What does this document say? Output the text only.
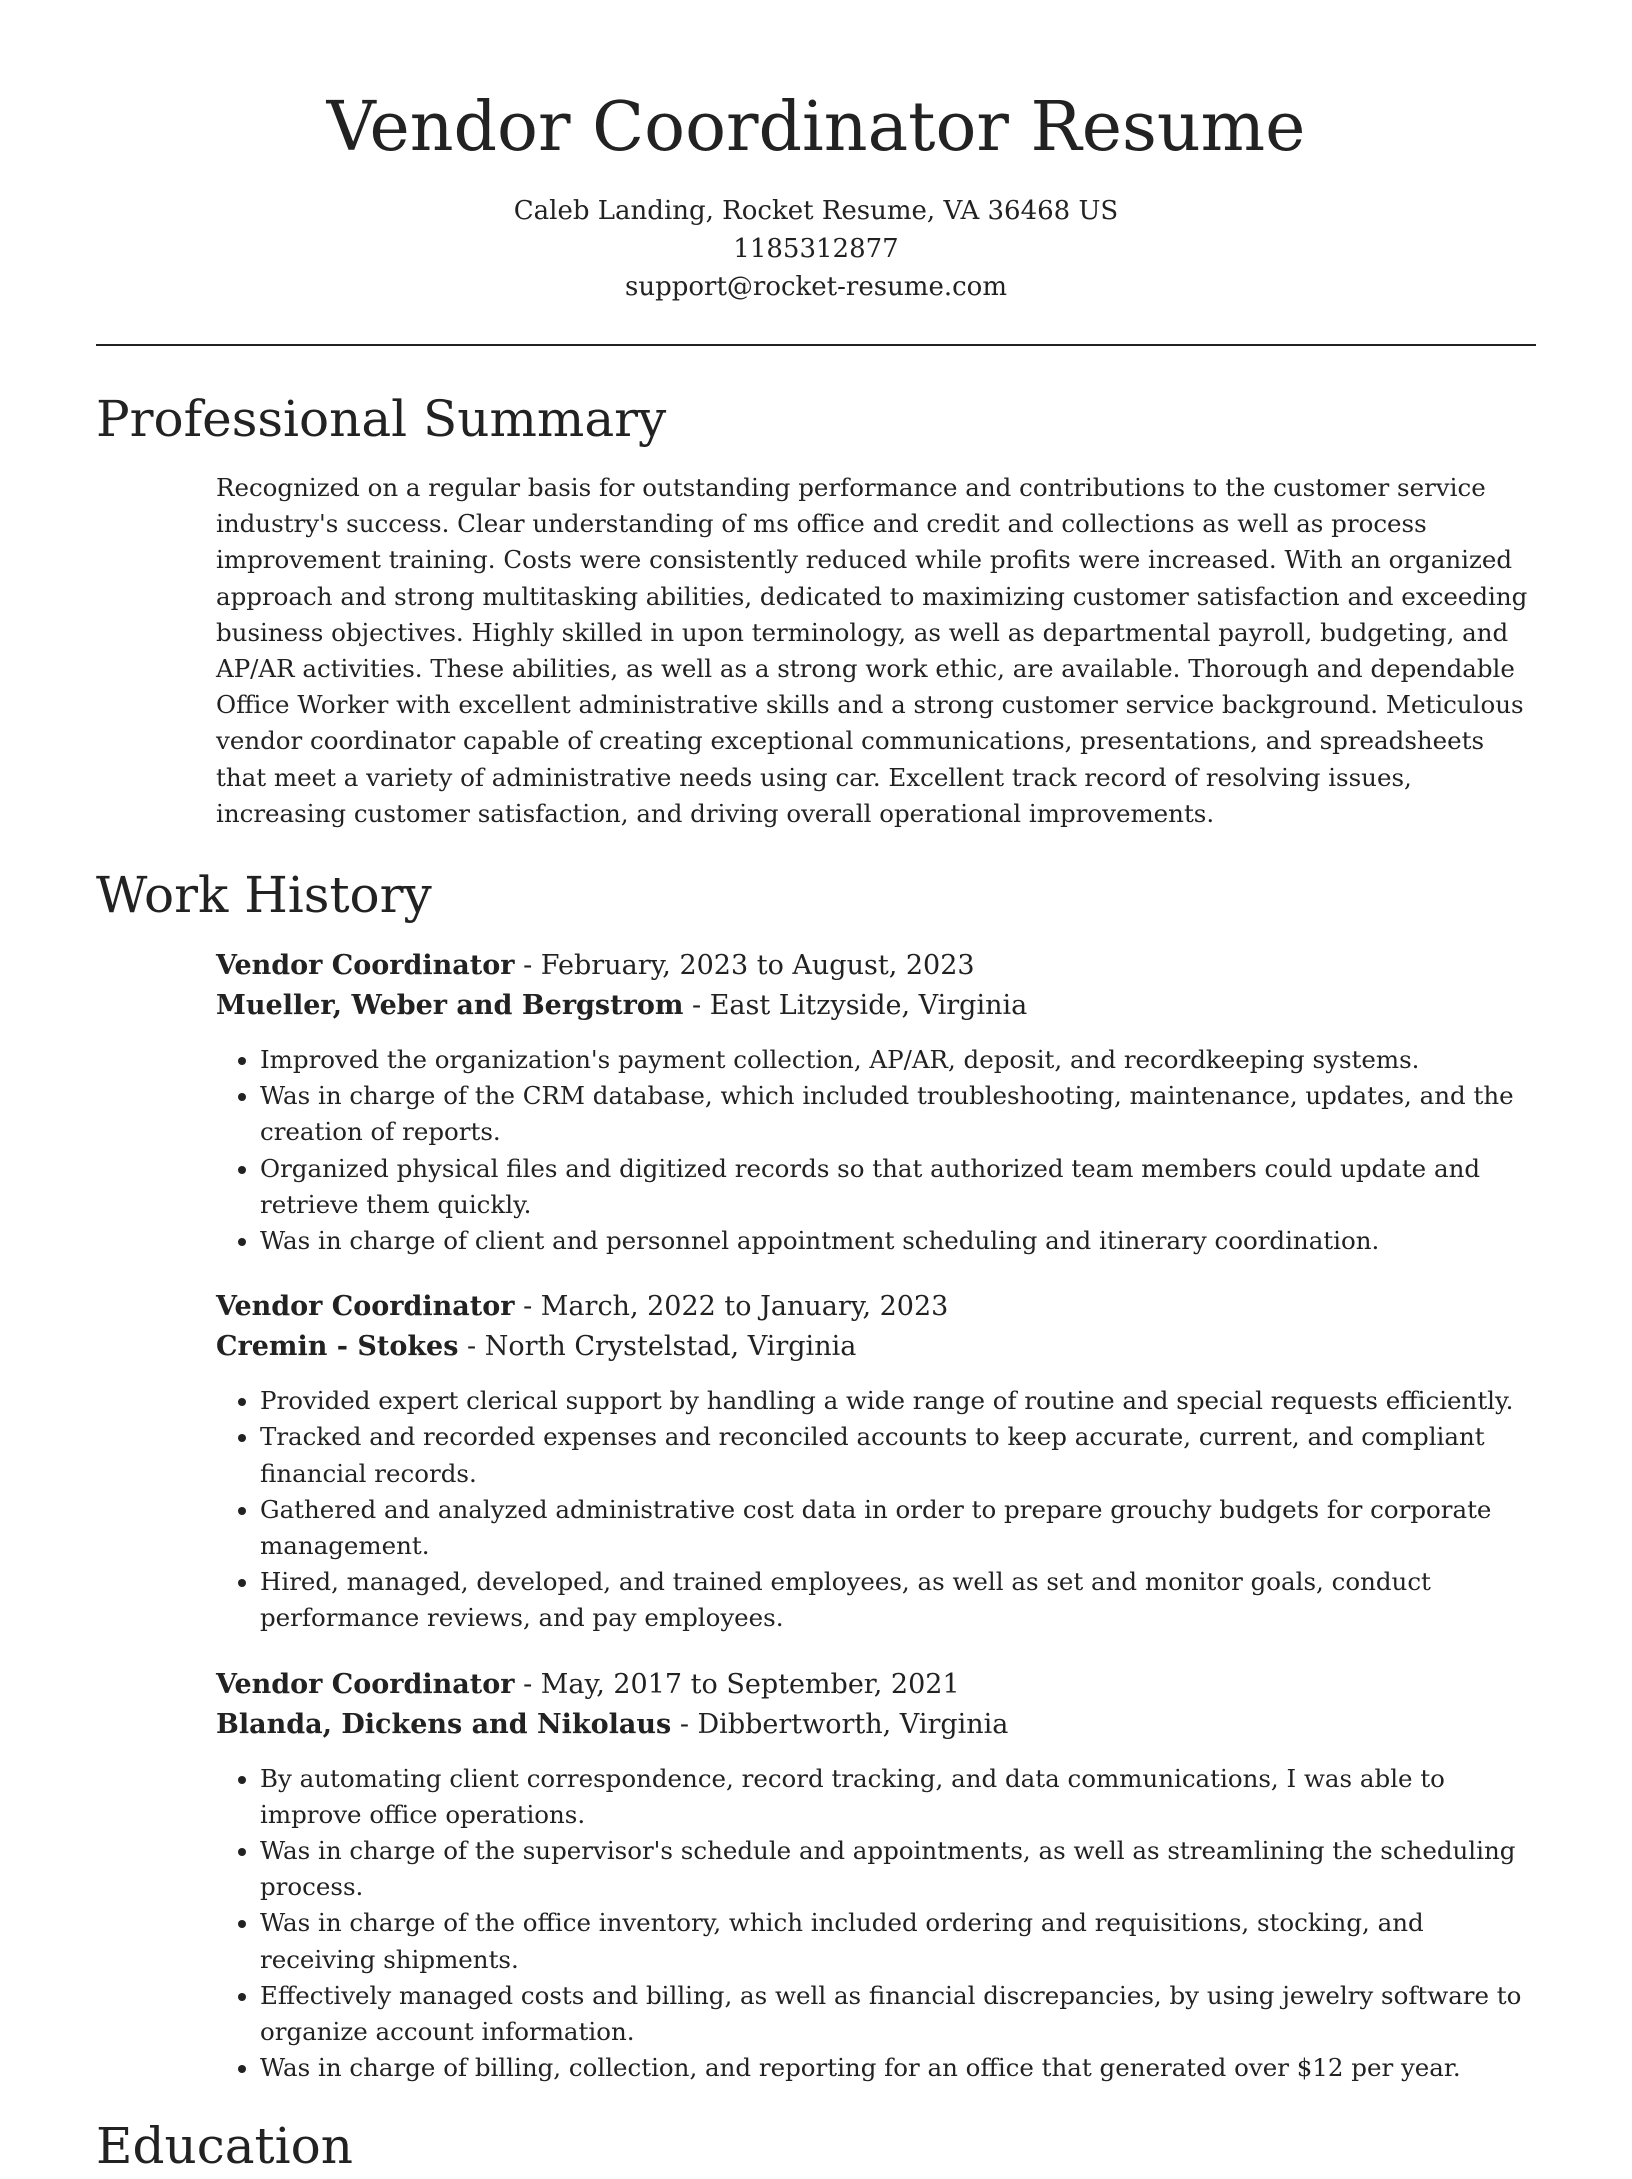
Vendor Coordinator Resume
Caleb Landing, Rocket Resume, VA 36468 US
1185312877
support@rocket-resume.com
Professional Summary

Recognized on a regular basis for outstanding performance and contributions to the customer service industry's success. Clear understanding of ms office and credit and collections as well as process improvement training. Costs were consistently reduced while profits were increased. With an organized approach and strong multitasking abilities, dedicated to maximizing customer satisfaction and exceeding business objectives. Highly skilled in upon terminology, as well as departmental payroll, budgeting, and AP/AR activities. These abilities, as well as a strong work ethic, are available. Thorough and dependable Office Worker with excellent administrative skills and a strong customer service background. Meticulous vendor coordinator capable of creating exceptional communications, presentations, and spreadsheets that meet a variety of administrative needs using car. Excellent track record of resolving issues, increasing customer satisfaction, and driving overall operational improvements.

Work History
Vendor Coordinator - February, 2023 to August, 2023
Mueller, Weber and Bergstrom - East Litzyside, Virginia
• Improved the organization's payment collection, AP/AR, deposit, and recordkeeping systems.
• Was in charge of the CRM database, which included troubleshooting, maintenance, updates, and the creation of reports.
• Organized physical files and digitized records so that authorized team members could update and retrieve them quickly.
• Was in charge of client and personnel appointment scheduling and itinerary coordination.
Vendor Coordinator - March, 2022 to January, 2023
Cremin - Stokes - North Crystelstad, Virginia
• Provided expert clerical support by handling a wide range of routine and special requests efficiently.
• Tracked and recorded expenses and reconciled accounts to keep accurate, current, and compliant financial records.
• Gathered and analyzed administrative cost data in order to prepare grouchy budgets for corporate management.
• Hired, managed, developed, and trained employees, as well as set and monitor goals, conduct performance reviews, and pay employees.
Vendor Coordinator - May, 2017 to September, 2021
Blanda, Dickens and Nikolaus - Dibbertworth, Virginia
• By automating client correspondence, record tracking, and data communications, I was able to improve office operations.
• Was in charge of the supervisor's schedule and appointments, as well as streamlining the scheduling process.
• Was in charge of the office inventory, which included ordering and requisitions, stocking, and receiving shipments.
• Effectively managed costs and billing, as well as financial discrepancies, by using jewelry software to organize account information.
• Was in charge of billing, collection, and reporting for an office that generated over $12 per year.
Education
